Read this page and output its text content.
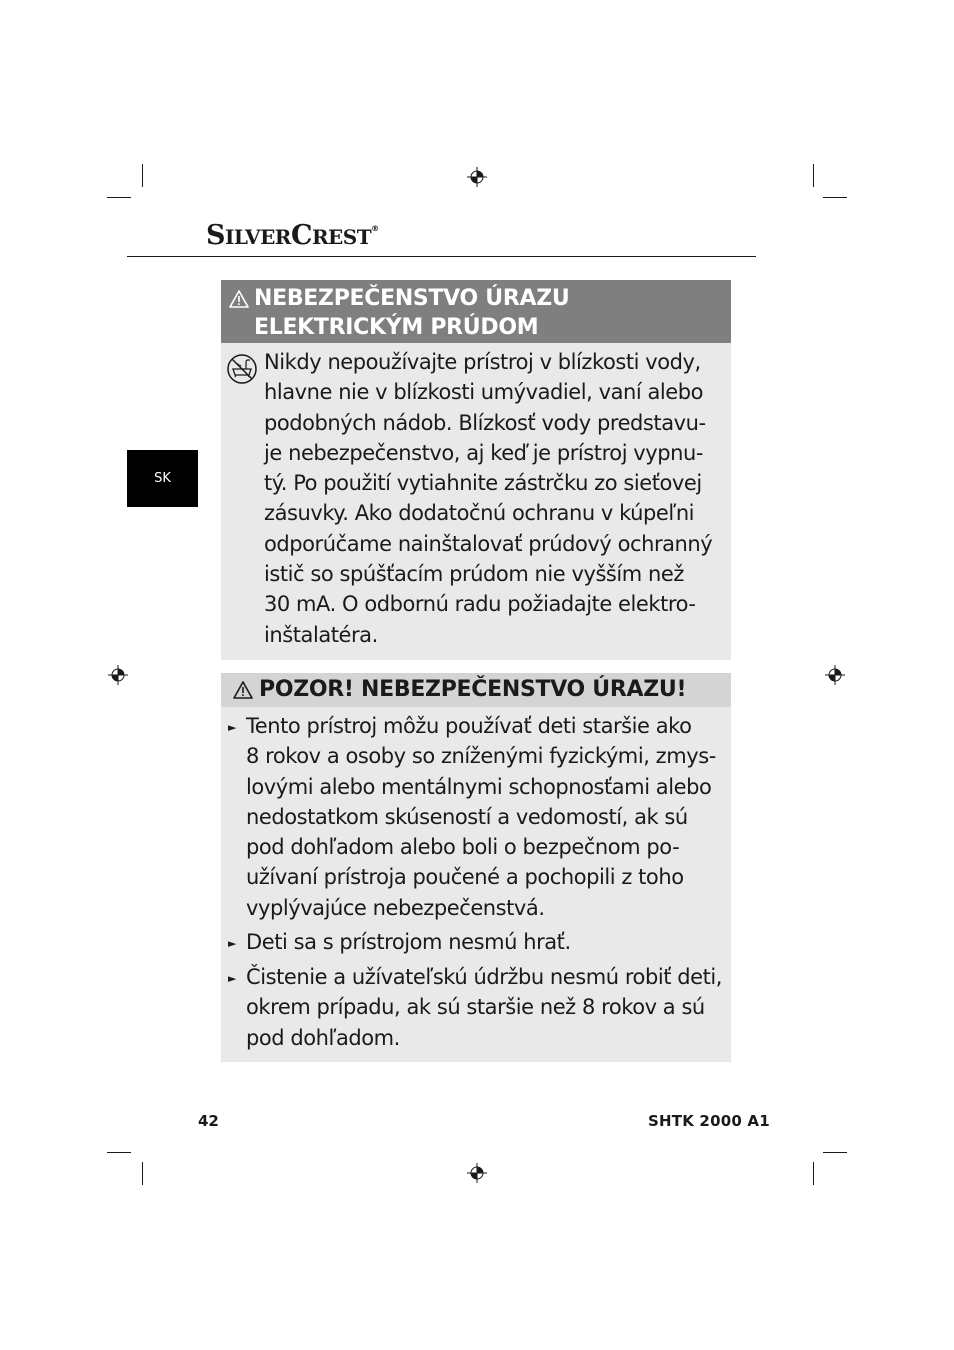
SILVERCREST®
SK
NEBEZPEČENSTVO ÚRAZU
ELEKTRICKÝM PRÚDOM
Nikdy nepoužívajte prístroj v blízkosti vody,
hlavne nie v blízkosti umývadiel, vaní alebo
podobných nádob. Blízkosť vody predstavu-
je nebezpečenstvo, aj keď je prístroj vypnu-
tý. Po použití vytiahnite zástrčku zo sieťovej
zásuvky. Ako dodatočnú ochranu v kúpeľni
odporúčame nainštalovať prúdový ochranný
istič so spúšťacím prúdom nie vyšším než
30 mA. O odbornú radu požiadajte elektro-
inštalatéra.
POZOR! NEBEZPEČENSTVO ÚRAZU!
► Tento prístroj môžu používať deti staršie ako
8 rokov a osoby so zníženými fyzickými, zmys-
lovými alebo mentálnymi schopnosťami alebo
nedostatkom skúseností a vedomostí, ak sú
pod dohľadom alebo boli o bezpečnom po-
užívaní prístroja poučené a pochopili z toho
vyplývajúce nebezpečenstvá.
► Deti sa s prístrojom nesmú hrať.
► Čistenie a užívateľskú údržbu nesmú robiť deti,
okrem prípadu, ak sú staršie než 8 rokov a sú
pod dohľadom.
42	SHTK 2000 A1
